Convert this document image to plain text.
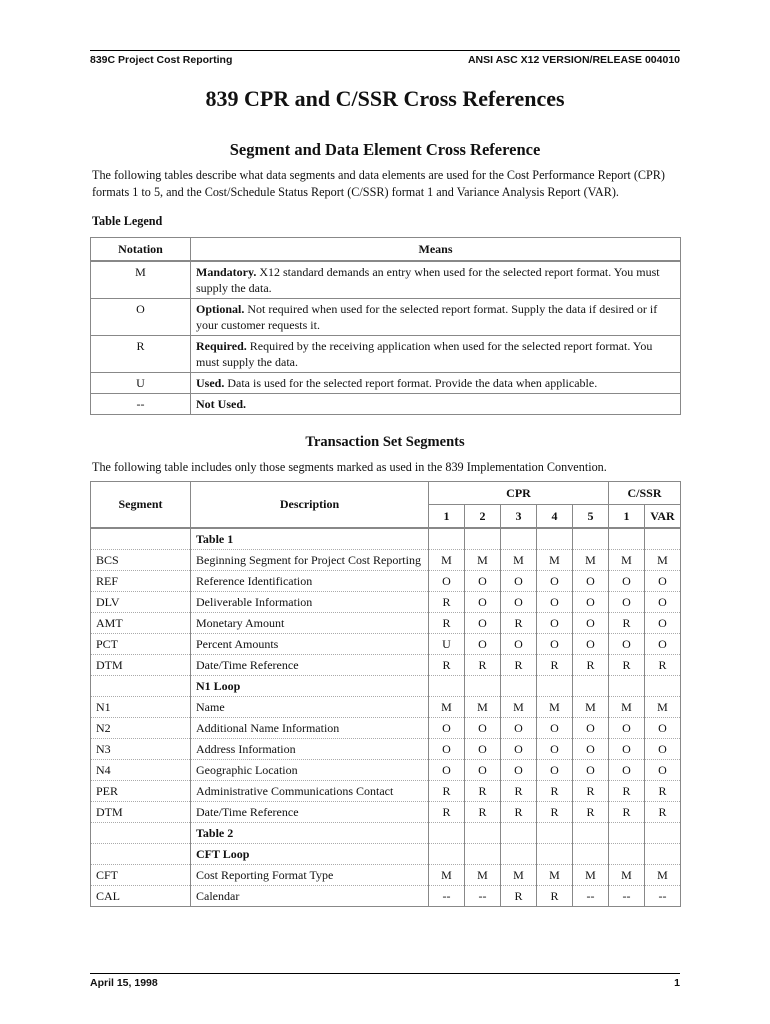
839C Project Cost Reporting	ANSI ASC X12 VERSION/RELEASE 004010
839 CPR and C/SSR Cross References
Segment and Data Element Cross Reference

The following tables describe what data segments and data elements are used for the Cost Performance Report (CPR) formats 1 to 5, and the Cost/Schedule Status Report (C/SSR) format 1 and Variance Analysis Report (VAR).

Table Legend
Notation	Means
M	Mandatory. X12 standard demands an entry when used for the selected report format. You must supply the data.
O	Optional. Not required when used for the selected report format. Supply the data if desired or if your customer requests it.
R	Required. Required by the receiving application when used for the selected report format. You must supply the data.
U	Used. Data is used for the selected report format. Provide the data when applicable.
--	Not Used.
Transaction Set Segments
The following table includes only those segments marked as used in the 839 Implementation Convention.
Segment	Description	CPR					C/SSR	
		1	2	3	4	5	1	VAR
	Table 1							
BCS	Beginning Segment for Project Cost Reporting	M	M	M	M	M	M	M
REF	Reference Identification	O	O	O	O	O	O	O
DLV	Deliverable Information	R	O	O	O	O	O	O
AMT	Monetary Amount	R	O	R	O	O	R	O
PCT	Percent Amounts	U	O	O	O	O	O	O
DTM	Date/Time Reference	R	R	R	R	R	R	R
	N1 Loop							
N1	Name	M	M	M	M	M	M	M
N2	Additional Name Information	O	O	O	O	O	O	O
N3	Address Information	O	O	O	O	O	O	O
N4	Geographic Location	O	O	O	O	O	O	O
PER	Administrative Communications Contact	R	R	R	R	R	R	R
DTM	Date/Time Reference	R	R	R	R	R	R	R
	Table 2							
	CFT Loop							
CFT	Cost Reporting Format Type	M	M	M	M	M	M	M
CAL	Calendar	--	--	R	R	--	--	--
April 15, 1998	1
